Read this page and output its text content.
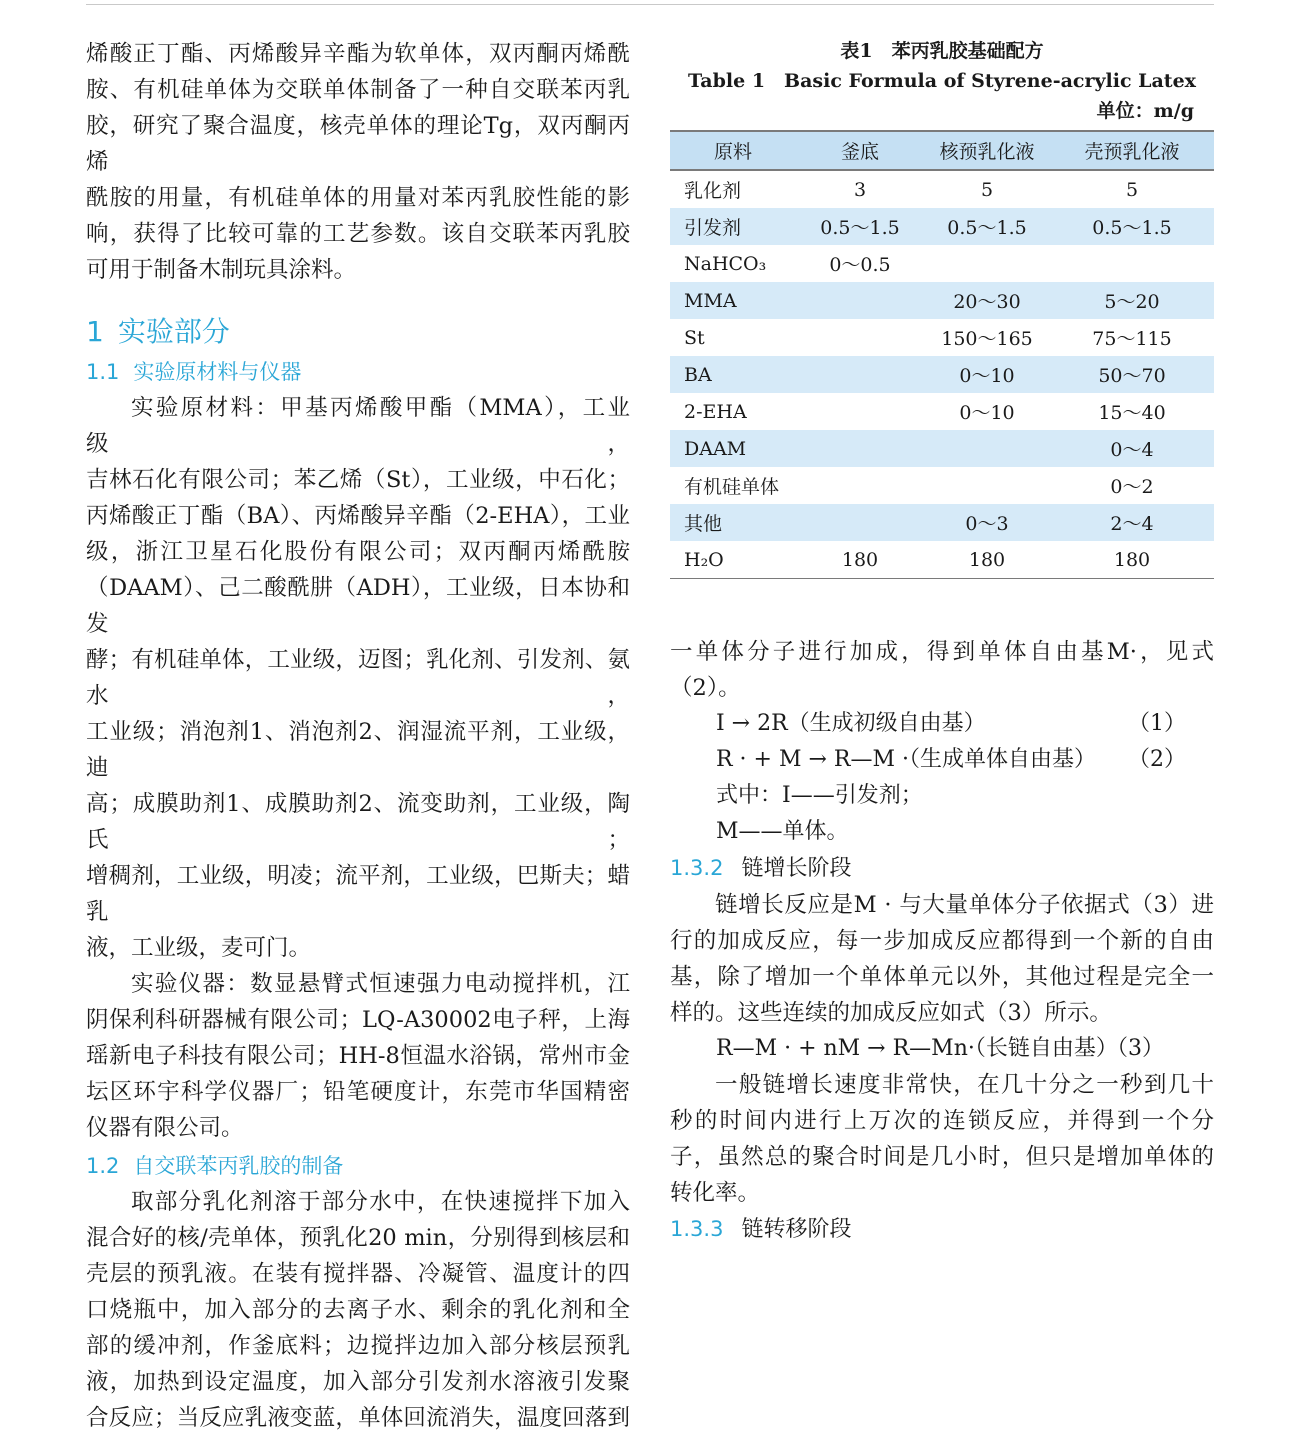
烯酸正丁酯、丙烯酸异辛酯为软单体，双丙酮丙烯酰

胺、有机硅单体为交联单体制备了一种自交联苯丙乳

胶，研究了聚合温度，核壳单体的理论Tg，双丙酮丙烯

酰胺的用量，有机硅单体的用量对苯丙乳胶性能的影

响，获得了比较可靠的工艺参数。该自交联苯丙乳胶

可用于制备木制玩具涂料。

1 实验部分
1.1 实验原材料与仪器

实验原材料：甲基丙烯酸甲酯（MMA），工业级，

吉林石化有限公司；苯乙烯（St），工业级，中石化；

丙烯酸正丁酯（BA）、丙烯酸异辛酯（2-EHA），工业

级，浙江卫星石化股份有限公司；双丙酮丙烯酰胺

（DAAM）、己二酸酰肼（ADH），工业级，日本协和发

酵；有机硅单体，工业级，迈图；乳化剂、引发剂、氨水，

工业级；消泡剂1、消泡剂2、润湿流平剂，工业级，迪

高；成膜助剂1、成膜助剂2、流变助剂，工业级，陶氏；

增稠剂，工业级，明凌；流平剂，工业级，巴斯夫；蜡乳

液，工业级，麦可门。

实验仪器：数显悬臂式恒速强力电动搅拌机，江

阴保利科研器械有限公司；LQ-A30002电子秤，上海

瑶新电子科技有限公司；HH-8恒温水浴锅，常州市金

坛区环宇科学仪器厂；铅笔硬度计，东莞市华国精密

仪器有限公司。

1.2 自交联苯丙乳胶的制备

取部分乳化剂溶于部分水中，在快速搅拌下加入

混合好的核/壳单体，预乳化20 min，分别得到核层和

壳层的预乳液。在装有搅拌器、冷凝管、温度计的四

口烧瓶中，加入部分的去离子水、剩余的乳化剂和全

部的缓冲剂，作釜底料；边搅拌边加入部分核层预乳

液，加热到设定温度，加入部分引发剂水溶液引发聚

合反应；当反应乳液变蓝，单体回流消失，温度回落到

表1　苯丙乳胶基础配方
Table 1　Basic Formula of Styrene-acrylic Latex
单位：m/g
原料	釜底	核预乳化液	壳预乳化液
乳化剂	3	5	5
引发剂	0.5～1.5	0.5～1.5	0.5～1.5
NaHCO₃	0～0.5		
MMA		20～30	5～20
St		150～165	75～115
BA		0～10	50～70
2-EHA		0～10	15～40
DAAM			0～4
有机硅单体			0～2
其他		0～3	2～4
H₂O	180	180	180

一单体分子进行加成，得到单体自由基M·，见式（2）。

I → 2R（生成初级自由基）	（1）
R · + M → R—M ·（生成单体自由基） （2）
式中：I——引发剂；
M——单体。
1.3.2 链增长阶段

链增长反应是M · 与大量单体分子依据式（3）进

行的加成反应，每一步加成反应都得到一个新的自由

基，除了增加一个单体单元以外，其他过程是完全一

样的。这些连续的加成反应如式（3）所示。

R—M · + nM → R—Mn·（长链自由基）
（3）

一般链增长速度非常快，在几十分之一秒到几十

秒的时间内进行上万次的连锁反应，并得到一个分

子，虽然总的聚合时间是几小时，但只是增加单体的

转化率。

1.3.3 链转移阶段
